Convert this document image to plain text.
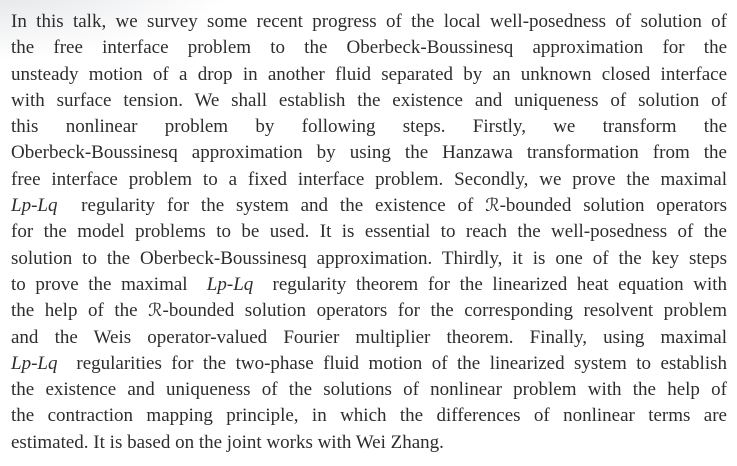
In this talk, we survey some recent progress of the local well-posedness of solution of
the free interface problem to the Oberbeck-Boussinesq approximation for the
unsteady motion of a drop in another fluid separated by an unknown closed interface
with surface tension. We shall establish the existence and uniqueness of solution of
this nonlinear problem by following steps. Firstly, we transform the
Oberbeck-Boussinesq approximation by using the Hanzawa transformation from the
free interface problem to a fixed interface problem. Secondly, we prove the maximal
Lp-Lq  regularity for the system and the existence of ℛ-bounded solution operators
for the model problems to be used. It is essential to reach the well-posedness of the
solution to the Oberbeck-Boussinesq approximation. Thirdly, it is one of the key steps
to prove the maximal  Lp-Lq  regularity theorem for the linearized heat equation with
the help of the ℛ-bounded solution operators for the corresponding resolvent problem
and the Weis operator-valued Fourier multiplier theorem. Finally, using maximal
Lp-Lq  regularities for the two-phase fluid motion of the linearized system to establish
the existence and uniqueness of the solutions of nonlinear problem with the help of
the contraction mapping principle, in which the differences of nonlinear terms are
estimated. It is based on the joint works with Wei Zhang.
